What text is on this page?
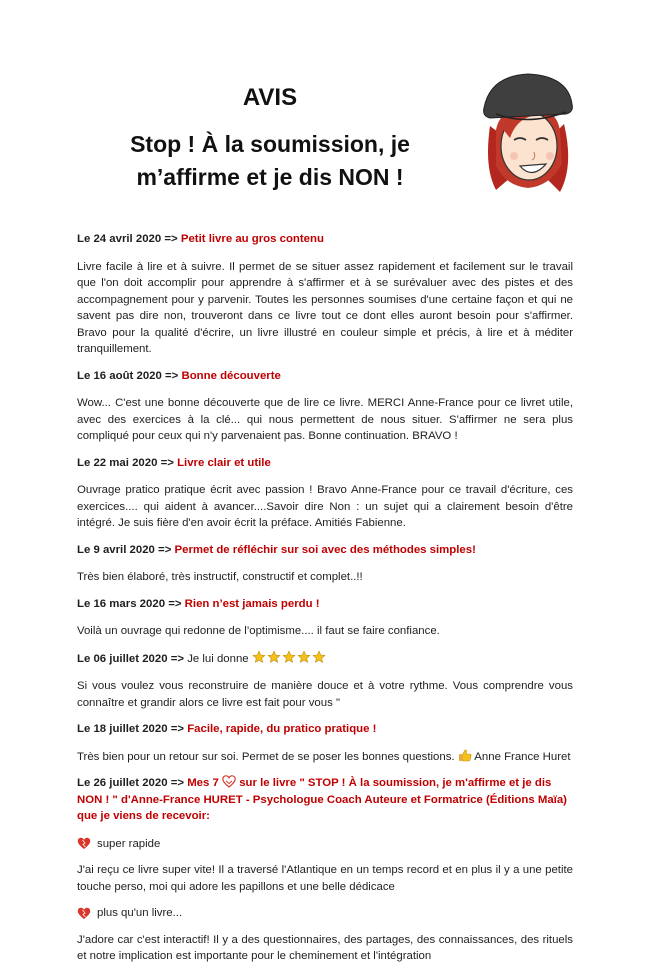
AVIS
Stop ! À la soumission, je
m’affirme et je dis NON !
Le 24 avril 2020 => Petit livre au gros contenu

Livre facile à lire et à suivre. Il permet de se situer assez rapidement et facilement sur le travail que l'on doit accomplir pour apprendre à s'affirmer et à se surévaluer avec des pistes et des accompagnement pour y parvenir. Toutes les personnes soumises d'une certaine façon et qui ne savent pas dire non, trouveront dans ce livre tout ce dont elles auront besoin pour s'affirmer. Bravo pour la qualité d'écrire, un livre illustré en couleur simple et précis, à lire et à méditer tranquillement.

Le 16 août 2020 => Bonne découverte

Wow... C'est une bonne découverte que de lire ce livre. MERCI Anne-France pour ce livret utile, avec des exercices à la clé... qui nous permettent de nous situer. S'affirmer ne sera plus compliqué pour ceux qui n'y parvenaient pas. Bonne continuation. BRAVO !

Le 22 mai 2020 => Livre clair et utile

Ouvrage pratico pratique écrit avec passion ! Bravo Anne-France pour ce travail d'écriture, ces exercices.... qui aident à avancer....Savoir dire Non : un sujet qui a clairement besoin d'être intégré. Je suis fière d'en avoir écrit la préface. Amitiés Fabienne.

Le 9 avril 2020 => Permet de réfléchir sur soi avec des méthodes simples!

Très bien élaboré, très instructif, constructif et complet..!!

Le 16 mars 2020 => Rien n’est jamais perdu !

Voilà un ouvrage qui redonne de l’optimisme.... il faut se faire confiance.

Le 06 juillet 2020 => Je lui donne

Si vous voulez vous reconstruire de manière douce et à votre rythme. Vous comprendre vous connaître et grandir alors ce livre est fait pour vous "

Le 18 juillet 2020 => Facile, rapide, du pratico pratique !

Très bien pour un retour sur soi. Permet de se poser les bonnes questions. Anne France Huret

Le 26 juillet 2020 => Mes 7 sur le livre " STOP ! À la soumission, je m'affirme et je dis NON ! " d'Anne-France HURET - Psychologue Coach Auteure et Formatrice (Éditions Maïa) que je viens de recevoir:
super rapide

J'ai reçu ce livre super vite! Il a traversé l'Atlantique en un temps record et en plus il y a une petite touche perso, moi qui adore les papillons et une belle dédicace

plus qu'un livre...

J'adore car c'est interactif! Il y a des questionnaires, des partages, des connaissances, des rituels et notre implication est importante pour le cheminement et l'intégration
